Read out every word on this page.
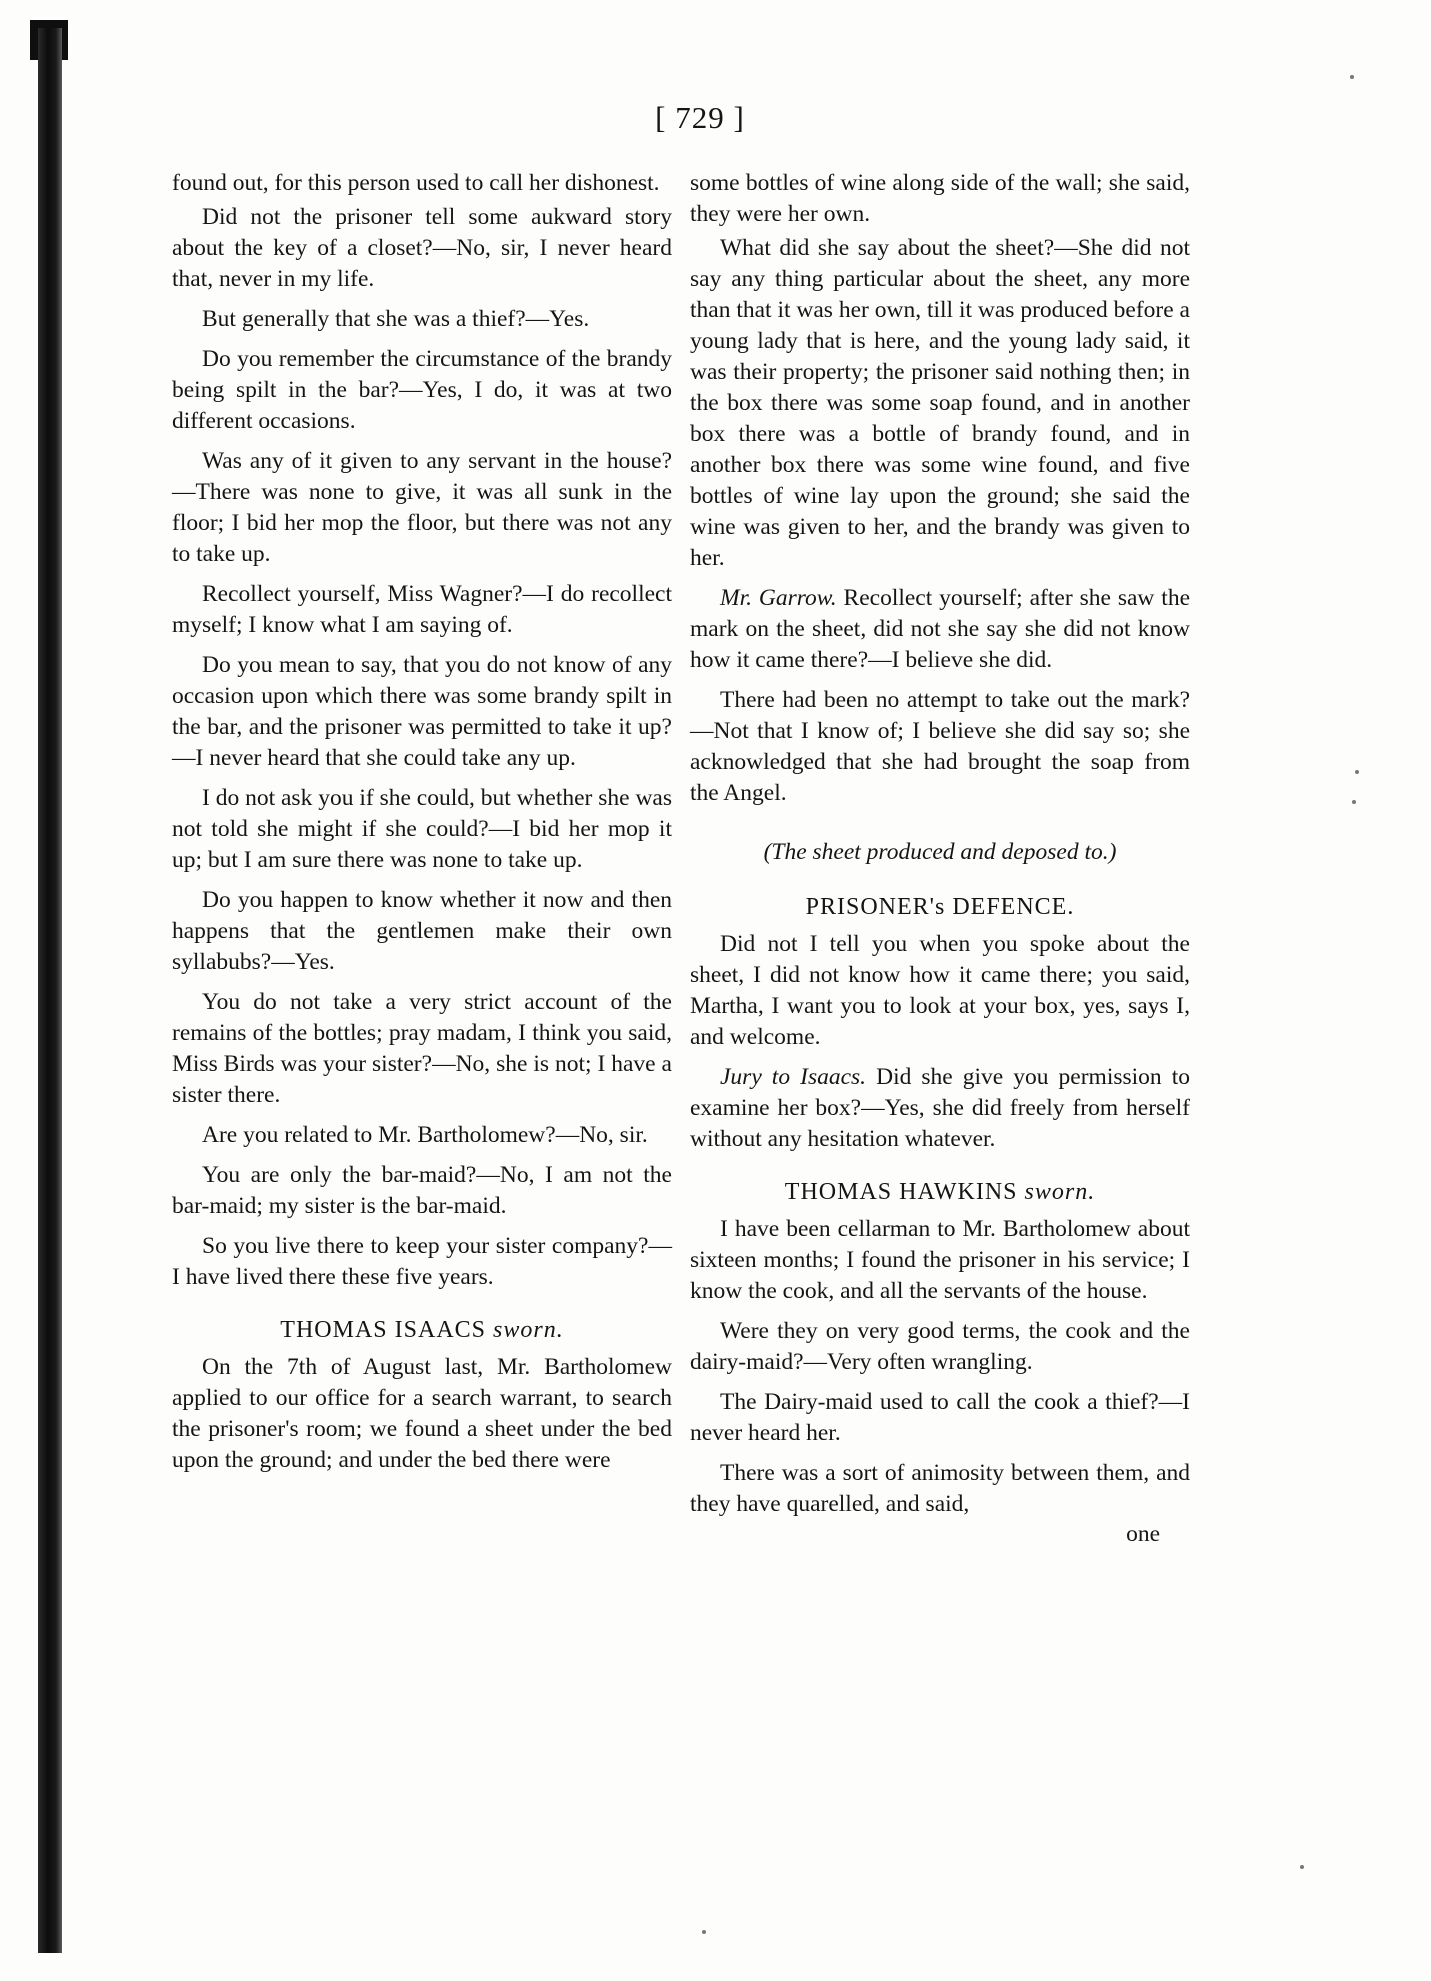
[ 729 ]

found out, for this person used to call her dishonest.

Did not the prisoner tell some aukward story about the key of a closet?—No, sir, I never heard that, never in my life.

But generally that she was a thief?—Yes.

Do you remember the circumstance of the brandy being spilt in the bar?—Yes, I do, it was at two different occasions.

Was any of it given to any servant in the house?—There was none to give, it was all sunk in the floor; I bid her mop the floor, but there was not any to take up.

Recollect yourself, Miss Wagner?—I do recollect myself; I know what I am saying of.

Do you mean to say, that you do not know of any occasion upon which there was some brandy spilt in the bar, and the prisoner was permitted to take it up?—I never heard that she could take any up.

I do not ask you if she could, but whether she was not told she might if she could?—I bid her mop it up; but I am sure there was none to take up.

Do you happen to know whether it now and then happens that the gentlemen make their own syllabubs?—Yes.

You do not take a very strict account of the remains of the bottles; pray madam, I think you said, Miss Birds was your sister?—No, she is not; I have a sister there.

Are you related to Mr. Bartholomew?—No, sir.

You are only the bar-maid?—No, I am not the bar-maid; my sister is the bar-maid.

So you live there to keep your sister company?—I have lived there these five years.

THOMAS ISAACS sworn.

On the 7th of August last, Mr. Bartholomew applied to our office for a search warrant, to search the prisoner's room; we found a sheet under the bed upon the ground; and under the bed there were

some bottles of wine along side of the wall; she said, they were her own.

What did she say about the sheet?—She did not say any thing particular about the sheet, any more than that it was her own, till it was produced before a young lady that is here, and the young lady said, it was their property; the prisoner said nothing then; in the box there was some soap found, and in another box there was a bottle of brandy found, and in another box there was some wine found, and five bottles of wine lay upon the ground; she said the wine was given to her, and the brandy was given to her.

Mr. Garrow. Recollect yourself; after she saw the mark on the sheet, did not she say she did not know how it came there?—I believe she did.

There had been no attempt to take out the mark?—Not that I know of; I believe she did say so; she acknowledged that she had brought the soap from the Angel.

(The sheet produced and deposed to.)
PRISONER's DEFENCE.

Did not I tell you when you spoke about the sheet, I did not know how it came there; you said, Martha, I want you to look at your box, yes, says I, and welcome.

Jury to Isaacs. Did she give you permission to examine her box?—Yes, she did freely from herself without any hesitation whatever.

THOMAS HAWKINS sworn.

I have been cellarman to Mr. Bartholomew about sixteen months; I found the prisoner in his service; I know the cook, and all the servants of the house.

Were they on very good terms, the cook and the dairy-maid?—Very often wrangling.

The Dairy-maid used to call the cook a thief?—I never heard her.

There was a sort of animosity between them, and they have quarelled, and said,

one
